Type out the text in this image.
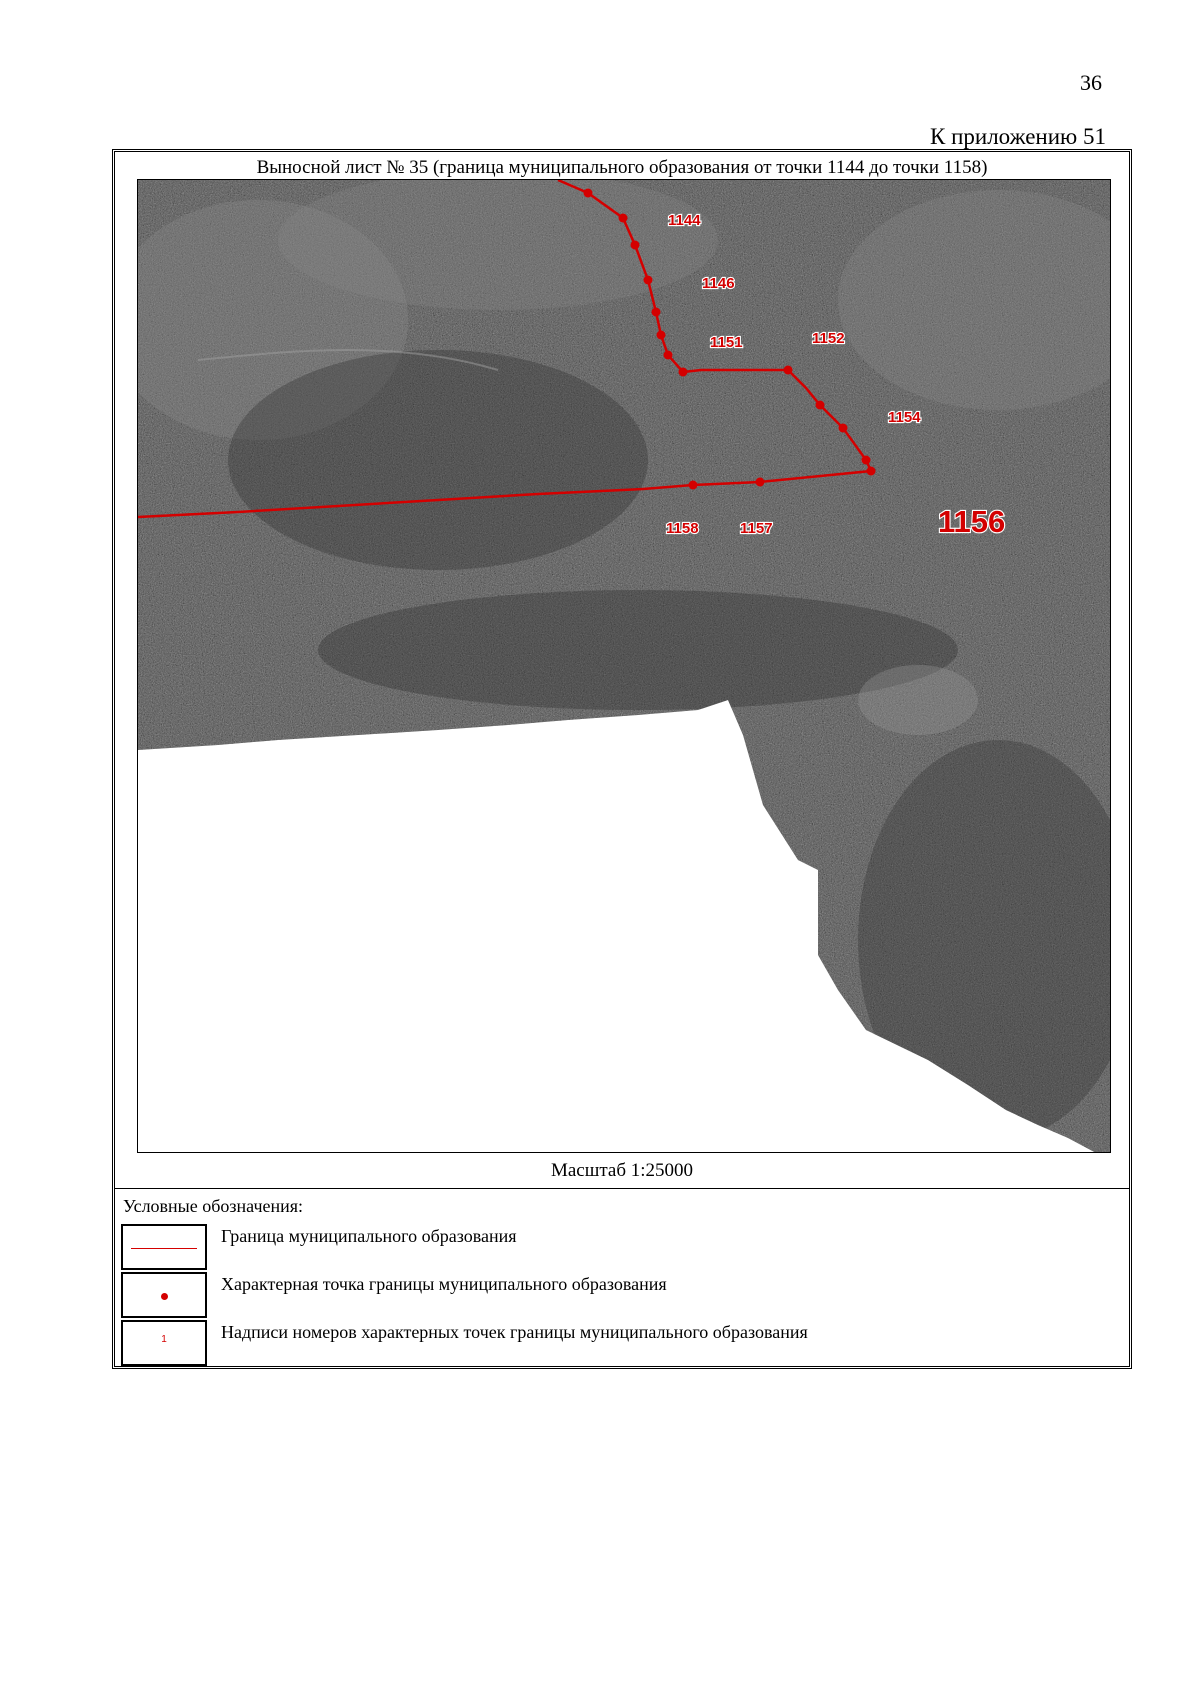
36
К приложению 51
Выносной лист № 35 (граница муниципального образования от точки 1144 до точки 1158)
1144
1146
1151	1152
1154
1156
1157
1158
Масштаб 1:25000
Условные обозначения:
Граница муниципального образования
Характерная точка границы муниципального образования
1	Надписи номеров характерных точек границы муниципального образования
